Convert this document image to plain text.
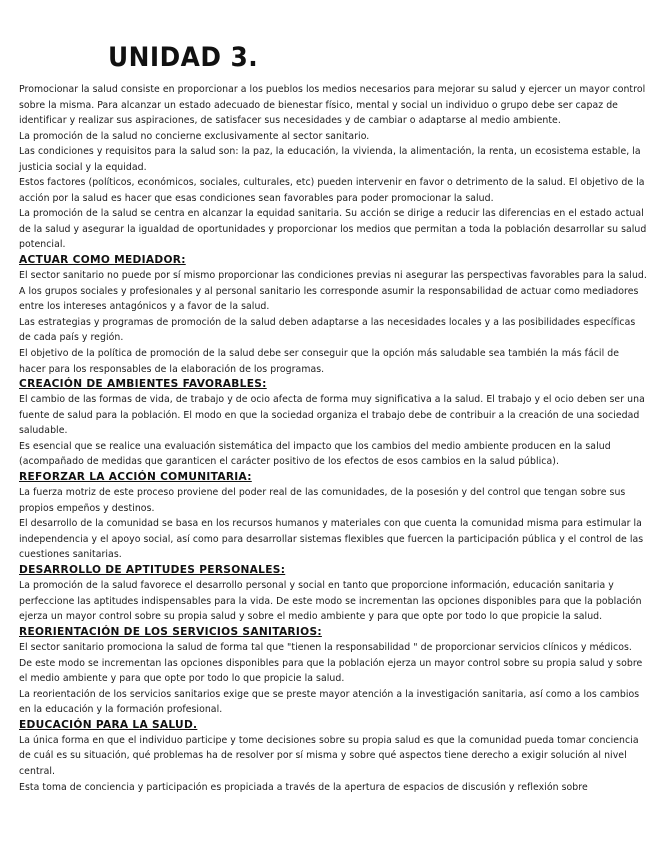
UNIDAD 3.

Promocionar la salud consiste en proporcionar a los pueblos los medios necesarios para mejorar su salud y ejercer un mayor control sobre la misma. Para alcanzar un estado adecuado de bienestar físico, mental y social un individuo o grupo debe ser capaz de identificar y realizar sus aspiraciones, de satisfacer sus necesidades y de cambiar o adaptarse al medio ambiente.

La promoción de la salud no concierne exclusivamente al sector sanitario.

Las condiciones y requisitos para la salud son: la paz, la educación, la vivienda, la alimentación, la renta, un ecosistema estable, la justicia social y la equidad.

Estos factores (políticos, económicos, sociales, culturales, etc) pueden intervenir en favor o detrimento de la salud. El objetivo de la acción por la salud es hacer que esas condiciones sean favorables para poder promocionar la salud.

La promoción de la salud se centra en alcanzar la equidad sanitaria. Su acción se dirige a reducir las diferencias en el estado actual de la salud y asegurar la igualdad de oportunidades y proporcionar los medios que permitan a toda la población desarrollar su salud potencial.

ACTUAR COMO MEDIADOR:

El sector sanitario no puede por sí mismo proporcionar las condiciones previas ni asegurar las perspectivas favorables para la salud. A los grupos sociales y profesionales y al personal sanitario les corresponde asumir la responsabilidad de actuar como mediadores entre los intereses antagónicos y a favor de la salud.

Las estrategias y programas de promoción de la salud deben adaptarse a las necesidades locales y a las posibilidades específicas de cada país y región.

El objetivo de la política de promoción de la salud debe ser conseguir que la opción más saludable sea también la más fácil de hacer para los responsables de la elaboración de los programas.

CREACIÓN DE AMBIENTES FAVORABLES:

El cambio de las formas de vida, de trabajo y de ocio afecta de forma muy significativa a la salud. El trabajo y el ocio deben ser una fuente de salud para la población. El modo en que la sociedad organiza el trabajo debe de contribuir a la creación de una sociedad saludable.

Es esencial que se realice una evaluación sistemática del impacto que los cambios del medio ambiente producen en la salud (acompañado de medidas que garanticen el carácter positivo de los efectos de esos cambios en la salud pública).

REFORZAR LA ACCIÓN COMUNITARIA:

La fuerza motriz de este proceso proviene del poder real de las comunidades, de la posesión y del control que tengan sobre sus propios empeños y destinos.

El desarrollo de la comunidad se basa en los recursos humanos y materiales con que cuenta la comunidad misma para estimular la independencia y el apoyo social, así como para desarrollar sistemas flexibles que fuercen la participación pública y el control de las cuestiones sanitarias.

DESARROLLO DE APTITUDES PERSONALES:

La promoción de la salud favorece el desarrollo personal y social en tanto que proporcione información, educación sanitaria y perfeccione las aptitudes indispensables para la vida. De este modo se incrementan las opciones disponibles para que la población ejerza un mayor control sobre su propia salud y sobre el medio ambiente y para que opte por todo lo que propicie la salud.

REORIENTACIÓN DE LOS SERVICIOS SANITARIOS:

El sector sanitario promociona la salud de forma tal que "tienen la responsabilidad " de proporcionar servicios clínicos y médicos. De este modo se incrementan las opciones disponibles para que la población ejerza un mayor control sobre su propia salud y sobre el medio ambiente y para que opte por todo lo que propicie la salud.

La reorientación de los servicios sanitarios exige que se preste mayor atención a la investigación sanitaria, así como a los cambios en la educación y la formación profesional.

EDUCACIÓN PARA LA SALUD.

La única forma en que el individuo participe y tome decisiones sobre su propia salud es que la comunidad pueda tomar conciencia de cuál es su situación, qué problemas ha de resolver por sí misma y sobre qué aspectos tiene derecho a exigir solución al nivel central.

Esta toma de conciencia y participación es propiciada a través de la apertura de espacios de discusión y reflexión sobre
